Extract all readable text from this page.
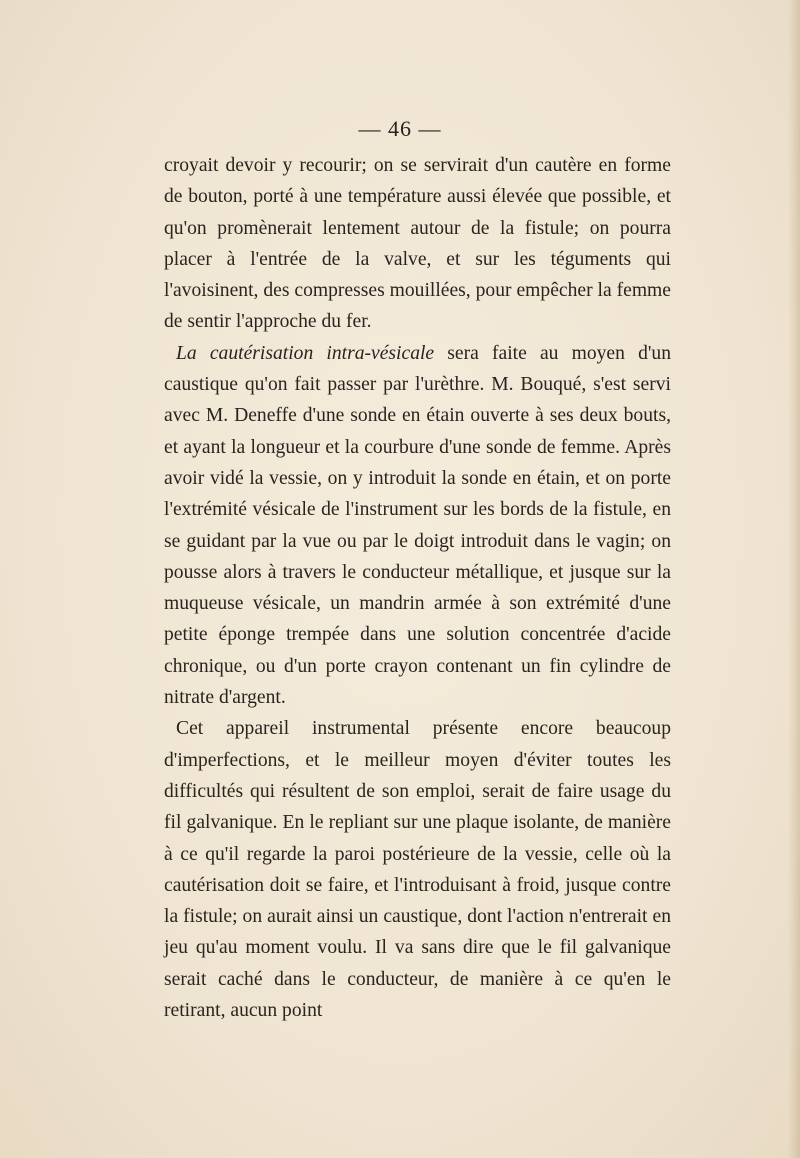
— 46 —

croyait devoir y recourir; on se servirait d'un cautère en forme de bouton, porté à une température aussi élevée que possible, et qu'on promènerait lentement autour de la fistule; on pourra placer à l'entrée de la valve, et sur les téguments qui l'avoisinent, des compresses mouillées, pour empêcher la femme de sentir l'approche du fer.

La cautérisation intra-vésicale sera faite au moyen d'un caustique qu'on fait passer par l'urèthre. M. Bouqué, s'est servi avec M. Deneffe d'une sonde en étain ouverte à ses deux bouts, et ayant la longueur et la courbure d'une sonde de femme. Après avoir vidé la vessie, on y introduit la sonde en étain, et on porte l'extrémité vésicale de l'instrument sur les bords de la fistule, en se guidant par la vue ou par le doigt introduit dans le vagin; on pousse alors à travers le conducteur métallique, et jusque sur la muqueuse vésicale, un mandrin armée à son extrémité d'une petite éponge trempée dans une solution concentrée d'acide chronique, ou d'un porte crayon contenant un fin cylindre de nitrate d'argent.

Cet appareil instrumental présente encore beaucoup d'imperfections, et le meilleur moyen d'éviter toutes les difficultés qui résultent de son emploi, serait de faire usage du fil galvanique. En le repliant sur une plaque isolante, de manière à ce qu'il regarde la paroi postérieure de la vessie, celle où la cautérisation doit se faire, et l'introduisant à froid, jusque contre la fistule; on aurait ainsi un caustique, dont l'action n'entrerait en jeu qu'au moment voulu. Il va sans dire que le fil galvanique serait caché dans le conducteur, de manière à ce qu'en le retirant, aucun point
